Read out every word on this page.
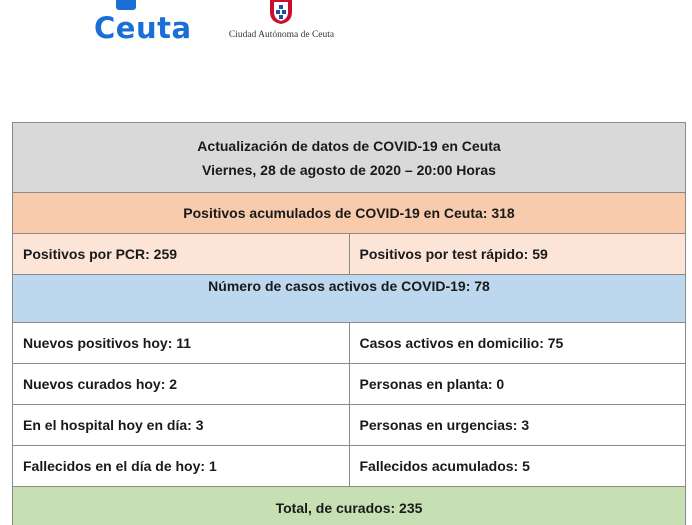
Ceuta	Ciudad Autónoma de Ceuta
Actualización de datos de COVID-19 en Ceuta
Viernes, 28 de agosto de 2020 – 20:00 Horas	

Positivos acumulados de COVID-19 en Ceuta: 318	
Positivos por PCR: 259	Positivos por test rápido: 59
Número de casos activos de COVID-19: 78	
Nuevos positivos hoy: 11	Casos activos en domicilio: 75
Nuevos curados hoy: 2	Personas en planta: 0
En el hospital hoy en día: 3	Personas en urgencias: 3
Fallecidos en el día de hoy: 1	Fallecidos acumulados: 5
Total, de curados: 235	
